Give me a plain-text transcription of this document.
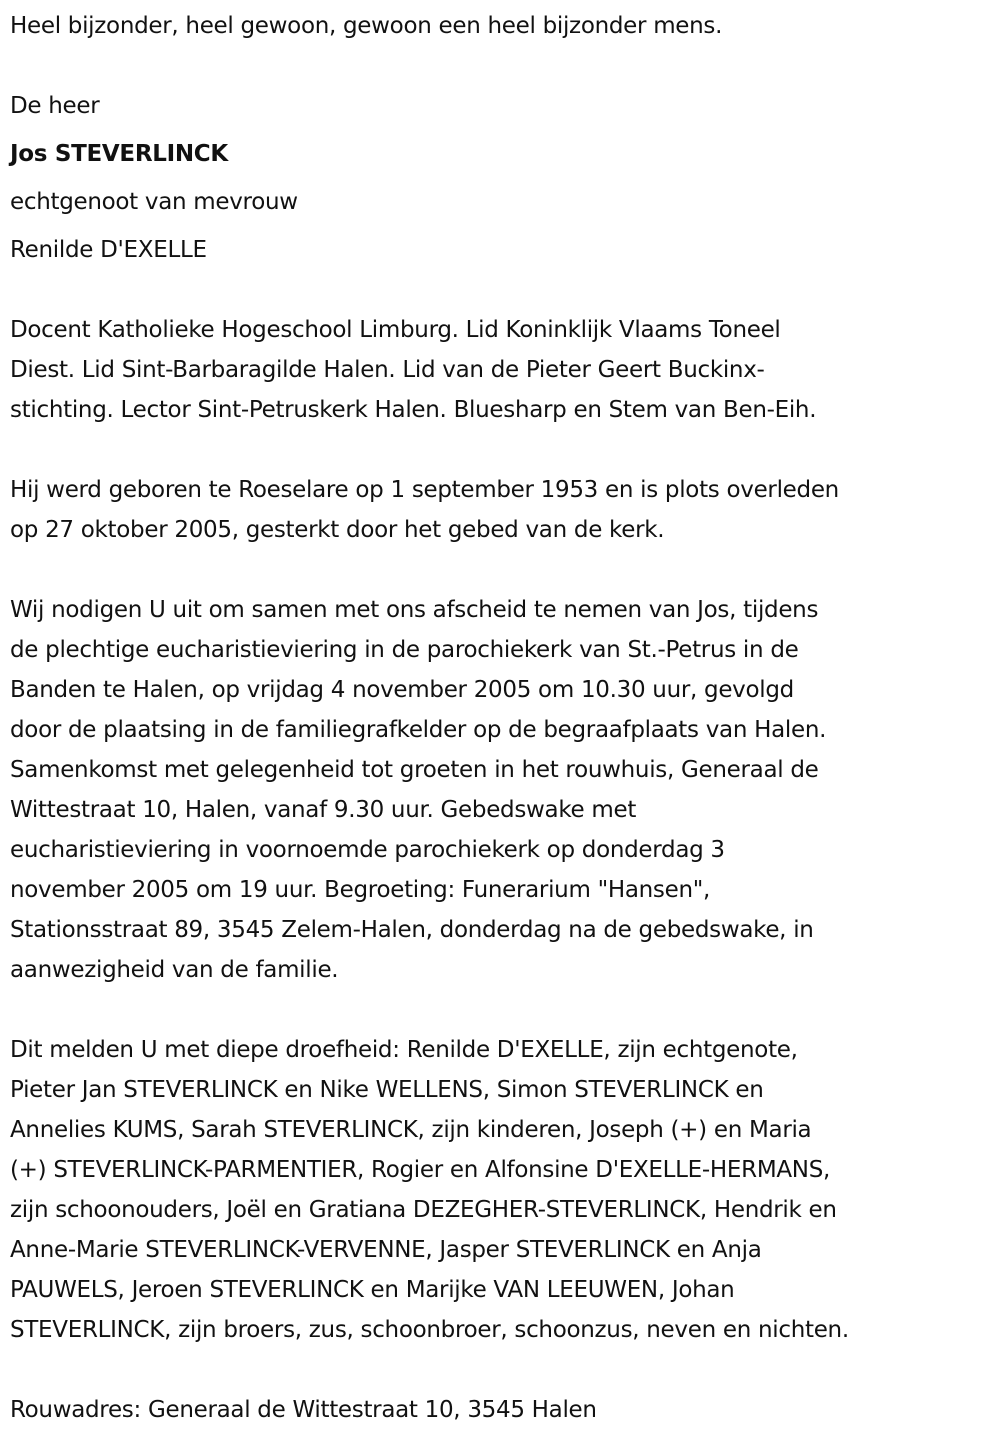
Heel bijzonder, heel gewoon, gewoon een heel bijzonder mens.

De heer

Jos STEVERLINCK

echtgenoot van mevrouw

Renilde D'EXELLE

Docent Katholieke Hogeschool Limburg. Lid Koninklijk Vlaams Toneel
Diest. Lid Sint-Barbaragilde Halen. Lid van de Pieter Geert Buckinx-
stichting. Lector Sint-Petruskerk Halen. Bluesharp en Stem van Ben-Eih.

Hij werd geboren te Roeselare op 1 september 1953 en is plots overleden
op 27 oktober 2005, gesterkt door het gebed van de kerk.

Wij nodigen U uit om samen met ons afscheid te nemen van Jos, tijdens
de plechtige eucharistieviering in de parochiekerk van St.-Petrus in de
Banden te Halen, op vrijdag 4 november 2005 om 10.30 uur, gevolgd
door de plaatsing in de familiegrafkelder op de begraafplaats van Halen.
Samenkomst met gelegenheid tot groeten in het rouwhuis, Generaal de
Wittestraat 10, Halen, vanaf 9.30 uur. Gebedswake met
eucharistieviering in voornoemde parochiekerk op donderdag 3
november 2005 om 19 uur. Begroeting: Funerarium "Hansen",
Stationsstraat 89, 3545 Zelem-Halen, donderdag na de gebedswake, in
aanwezigheid van de familie.

Dit melden U met diepe droefheid: Renilde D'EXELLE, zijn echtgenote,
Pieter Jan STEVERLINCK en Nike WELLENS, Simon STEVERLINCK en
Annelies KUMS, Sarah STEVERLINCK, zijn kinderen, Joseph (+) en Maria
(+) STEVERLINCK-PARMENTIER, Rogier en Alfonsine D'EXELLE-HERMANS,
zijn schoonouders, Joël en Gratiana DEZEGHER-STEVERLINCK, Hendrik en
Anne-Marie STEVERLINCK-VERVENNE, Jasper STEVERLINCK en Anja
PAUWELS, Jeroen STEVERLINCK en Marijke VAN LEEUWEN, Johan
STEVERLINCK, zijn broers, zus, schoonbroer, schoonzus, neven en nichten.

Rouwadres: Generaal de Wittestraat 10, 3545 Halen
